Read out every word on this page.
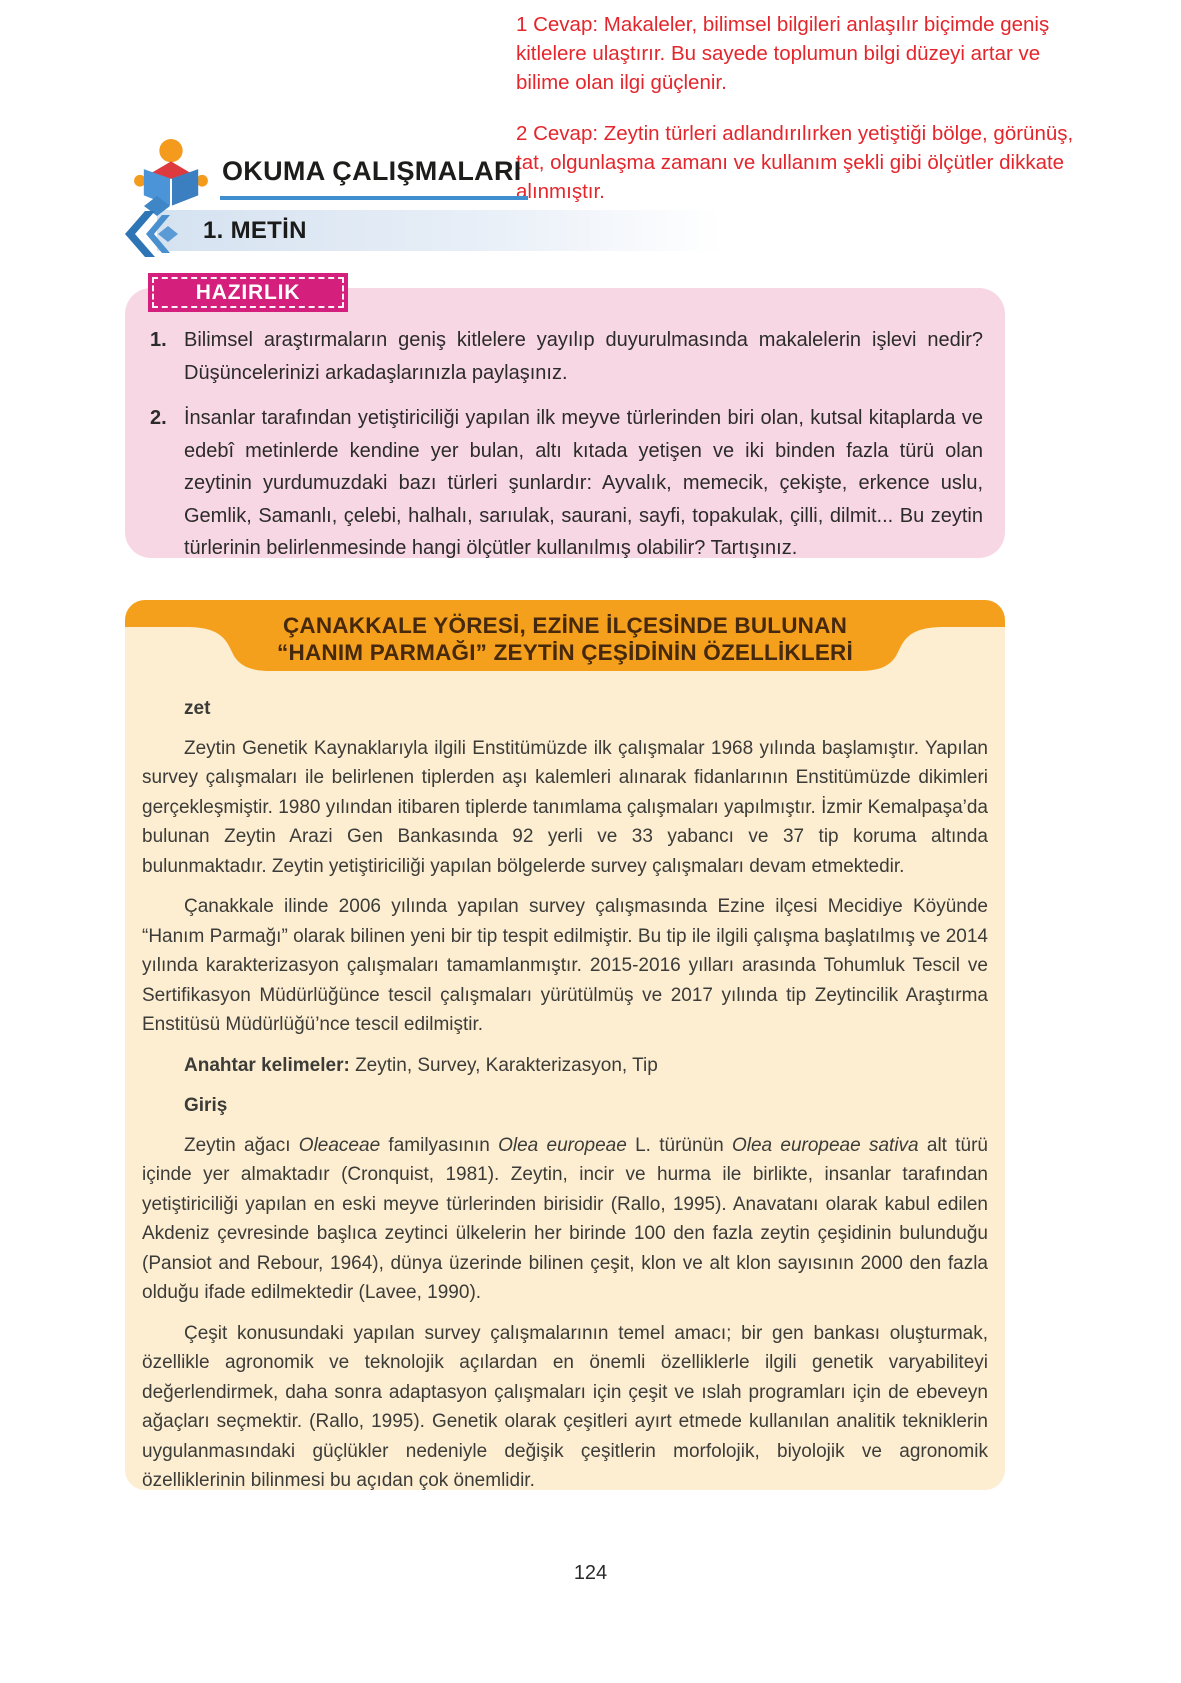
1 Cevap: Makaleler, bilimsel bilgileri anlaşılır biçimde geniş kitlelere ulaştırır. Bu sayede toplumun bilgi düzeyi artar ve bilime olan ilgi güçlenir.
2 Cevap: Zeytin türleri adlandırılırken yetiştiği bölge, görünüş, tat, olgunlaşma zamanı ve kullanım şekli gibi ölçütler dikkate alınmıştır.
OKUMA ÇALIŞMALARI
1. METİN
HAZIRLIK
1. Bilimsel araştırmaların geniş kitlelere yayılıp duyurulmasında makalelerin işlevi nedir? Düşüncelerinizi arkadaşlarınızla paylaşınız.
2. İnsanlar tarafından yetiştiriciliği yapılan ilk meyve türlerinden biri olan, kutsal kitaplarda ve edebî metinlerde kendine yer bulan, altı kıtada yetişen ve iki binden fazla türü olan zeytinin yurdumuzdaki bazı türleri şunlardır: Ayvalık, memecik, çekişte, erkence uslu, Gemlik, Samanlı, çelebi, halhalı, sarıulak, saurani, sayfi, topakulak, çilli, dilmit... Bu zeytin türlerinin belirlenmesinde hangi ölçütler kullanılmış olabilir? Tartışınız.
ÇANAKKALE YÖRESİ, EZİNE İLÇESİNDE BULUNAN
“HANIM PARMAĞI” ZEYTİN ÇEŞİDİNİN ÖZELLİKLERİ
zet

Zeytin Genetik Kaynaklarıyla ilgili Enstitümüzde ilk çalışmalar 1968 yılında başlamıştır. Yapılan survey çalışmaları ile belirlenen tiplerden aşı kalemleri alınarak fidanlarının Enstitümüzde dikimleri gerçekleşmiştir. 1980 yılından itibaren tiplerde tanımlama çalışmaları yapılmıştır. İzmir Kemalpaşa’da bulunan Zeytin Arazi Gen Bankasında 92 yerli ve 33 yabancı ve 37 tip koruma altında bulunmaktadır. Zeytin yetiştiriciliği yapılan bölgelerde survey çalışmaları devam etmektedir.

Çanakkale ilinde 2006 yılında yapılan survey çalışmasında Ezine ilçesi Mecidiye Köyünde “Hanım Parmağı” olarak bilinen yeni bir tip tespit edilmiştir. Bu tip ile ilgili çalışma başlatılmış ve 2014 yılında karakterizasyon çalışmaları tamamlanmıştır. 2015-2016 yılları arasında Tohumluk Tescil ve Sertifikasyon Müdürlüğünce tescil çalışmaları yürütülmüş ve 2017 yılında tip Zeytincilik Araştırma Enstitüsü Müdürlüğü’nce tescil edilmiştir.

Anahtar kelimeler: Zeytin, Survey, Karakterizasyon, Tip
Giriş

Zeytin ağacı Oleaceae familyasının Olea europeae L. türünün Olea europeae sativa alt türü içinde yer almaktadır (Cronquist, 1981). Zeytin, incir ve hurma ile birlikte, insanlar tarafından yetiştiriciliği yapılan en eski meyve türlerinden birisidir (Rallo, 1995). Anavatanı olarak kabul edilen Akdeniz çevresinde başlıca zeytinci ülkelerin her birinde 100 den fazla zeytin çeşidinin bulunduğu (Pansiot and Rebour, 1964), dünya üzerinde bilinen çeşit, klon ve alt klon sayısının 2000 den fazla olduğu ifade edilmektedir (Lavee, 1990).

Çeşit konusundaki yapılan survey çalışmalarının temel amacı; bir gen bankası oluşturmak, özellikle agronomik ve teknolojik açılardan en önemli özelliklerle ilgili genetik varyabiliteyi değerlendirmek, daha sonra adaptasyon çalışmaları için çeşit ve ıslah programları için de ebeveyn ağaçları seçmektir. (Rallo, 1995). Genetik olarak çeşitleri ayırt etmede kullanılan analitik tekniklerin uygulanmasındaki güçlükler nedeniyle değişik çeşitlerin morfolojik, biyolojik ve agronomik özelliklerinin bilinmesi bu açıdan çok önemlidir.

124
